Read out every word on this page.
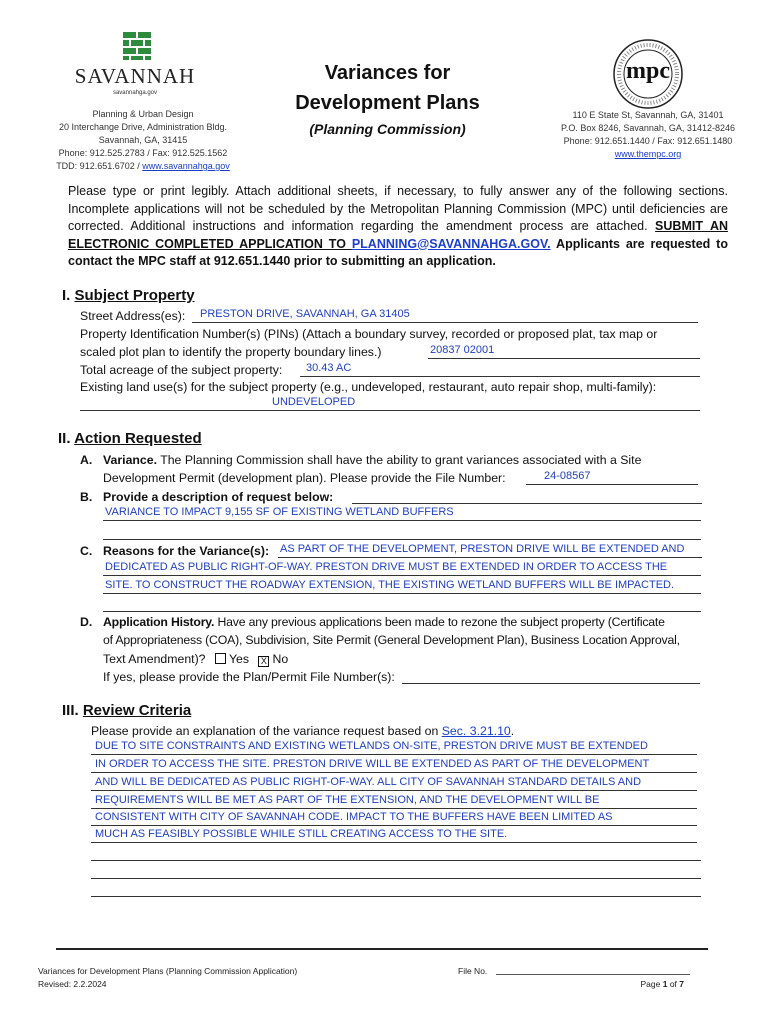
SAVANNAH
savannahga.gov
Planning & Urban Design
20 Interchange Drive, Administration Bldg.
Savannah, GA, 31415
Phone: 912.525.2783 / Fax: 912.525.1562
TDD: 912.651.6702 / www.savannahga.gov
Variances for
Development Plans
(Planning Commission)
mpc
110 E State St, Savannah, GA, 31401
P.O. Box 8246, Savannah, GA, 31412-8246
Phone: 912.651.1440 / Fax: 912.651.1480
www.thempc.org
Please type or print legibly. Attach additional sheets, if necessary, to fully answer any of the following sections. Incomplete applications will not be scheduled by the Metropolitan Planning Commission (MPC) until deficiencies are corrected. Additional instructions and information regarding the amendment process are attached. SUBMIT AN ELECTRONIC COMPLETED APPLICATION TO PLANNING@SAVANNAHGA.GOV. Applicants are requested to contact the MPC staff at 912.651.1440 prior to submitting an application.
I. Subject Property
Street Address(es): PRESTON DRIVE, SAVANNAH, GA 31405
Property Identification Number(s) (PINs) (Attach a boundary survey, recorded or proposed plat, tax map or
scaled plot plan to identify the property boundary lines.)	20837 02001
Total acreage of the subject property: 30.43 AC
Existing land use(s) for the subject property (e.g., undeveloped, restaurant, auto repair shop, multi-family):
UNDEVELOPED
II. Action Requested
A. Variance. The Planning Commission shall have the ability to grant variances associated with a Site
Development Permit (development plan). Please provide the File Number:	24-08567
B. Provide a description of request below:
VARIANCE TO IMPACT 9,155 SF OF EXISTING WETLAND BUFFERS
C. Reasons for the Variance(s): AS PART OF THE DEVELOPMENT, PRESTON DRIVE WILL BE EXTENDED AND
DEDICATED AS PUBLIC RIGHT-OF-WAY. PRESTON DRIVE MUST BE EXTENDED IN ORDER TO ACCESS THE
SITE. TO CONSTRUCT THE ROADWAY EXTENSION, THE EXISTING WETLAND BUFFERS WILL BE IMPACTED.
D. Application History. Have any previous applications been made to rezone the subject property (Certificate
of Appropriateness (COA), Subdivision, Site Permit (General Development Plan), Business Location Approval,
Text Amendment)? Yes X No
If yes, please provide the Plan/Permit File Number(s):
III. Review Criteria
Please provide an explanation of the variance request based on Sec. 3.21.10.
DUE TO SITE CONSTRAINTS AND EXISTING WETLANDS ON-SITE, PRESTON DRIVE MUST BE EXTENDED
IN ORDER TO ACCESS THE SITE. PRESTON DRIVE WILL BE EXTENDED AS PART OF THE DEVELOPMENT
AND WILL BE DEDICATED AS PUBLIC RIGHT-OF-WAY. ALL CITY OF SAVANNAH STANDARD DETAILS AND
REQUIREMENTS WILL BE MET AS PART OF THE EXTENSION, AND THE DEVELOPMENT WILL BE
CONSISTENT WITH CITY OF SAVANNAH CODE. IMPACT TO THE BUFFERS HAVE BEEN LIMITED AS
MUCH AS FEASIBLY POSSIBLE WHILE STILL CREATING ACCESS TO THE SITE.
Variances for Development Plans (Planning Commission Application)
Revised: 2.2.2024
File No.
Page 1 of 7
